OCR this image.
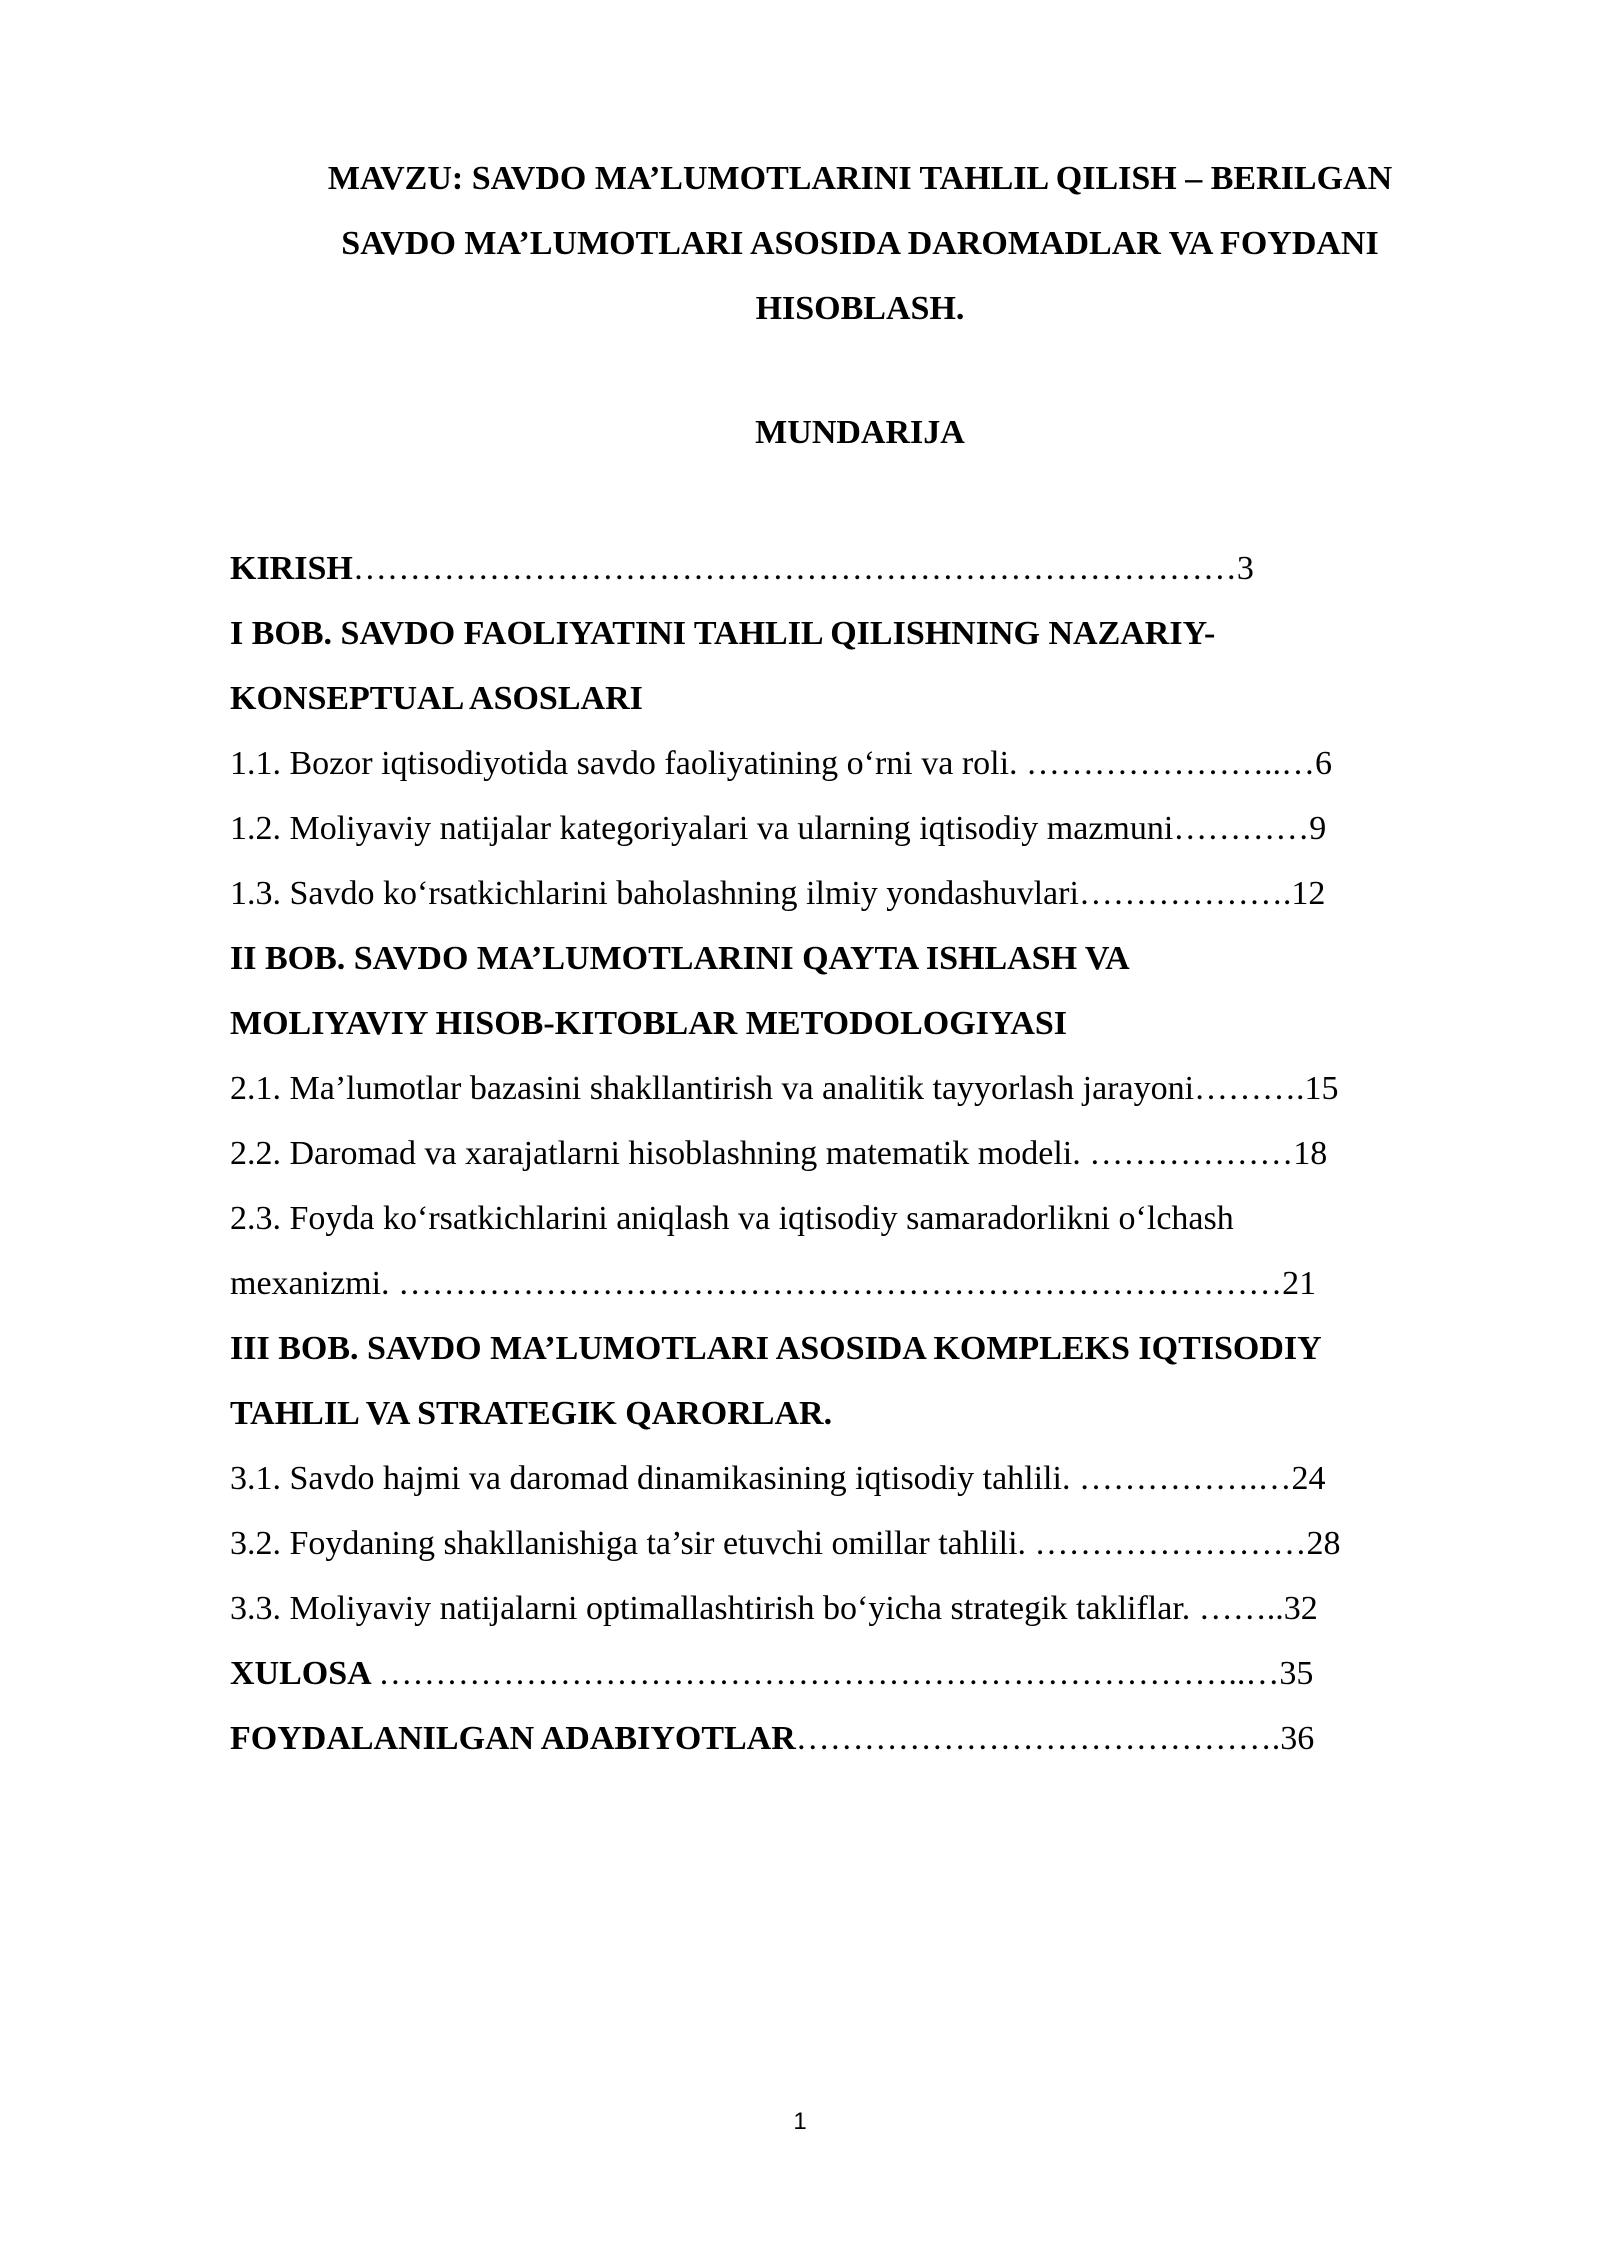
MAVZU: SAVDO MA’LUMOTLARINI TAHLIL QILISH – BERILGAN
SAVDO MA’LUMOTLARI ASOSIDA DAROMADLAR VA FOYDANI
HISOBLASH.
MUNDARIJA
KIRISH……………………………………………………………………3
I BOB. SAVDO FAOLIYATINI TAHLIL QILISHNING NAZARIY-
KONSEPTUAL ASOSLARI
1.1. Bozor iqtisodiyotida savdo faoliyatining o‘rni va roli. …………………..…6
1.2. Moliyaviy natijalar kategoriyalari va ularning iqtisodiy mazmuni…………9
1.3. Savdo ko‘rsatkichlarini baholashning ilmiy yondashuvlari……………….12
II BOB. SAVDO MA’LUMOTLARINI QAYTA ISHLASH VA
MOLIYAVIY HISOB-KITOBLAR METODOLOGIYASI
2.1. Ma’lumotlar bazasini shakllantirish va analitik tayyorlash jarayoni……….15
2.2. Daromad va xarajatlarni hisoblashning matematik modeli. ………………18
2.3. Foyda ko‘rsatkichlarini aniqlash va iqtisodiy samaradorlikni o‘lchash
mexanizmi. ……………………………………………………………………21
III BOB. SAVDO MA’LUMOTLARI ASOSIDA KOMPLEKS IQTISODIY
TAHLIL VA STRATEGIK QARORLAR.
3.1. Savdo hajmi va daromad dinamikasining iqtisodiy tahlili. …………….…24
3.2. Foydaning shakllanishiga ta’sir etuvchi omillar tahlili. ……………………28
3.3. Moliyaviy natijalarni optimallashtirish bo‘yicha strategik takliflar. ……..32
XULOSA …………………………………………………………………..…35
FOYDALANILGAN ADABIYOTLAR…………………………………….36
1
